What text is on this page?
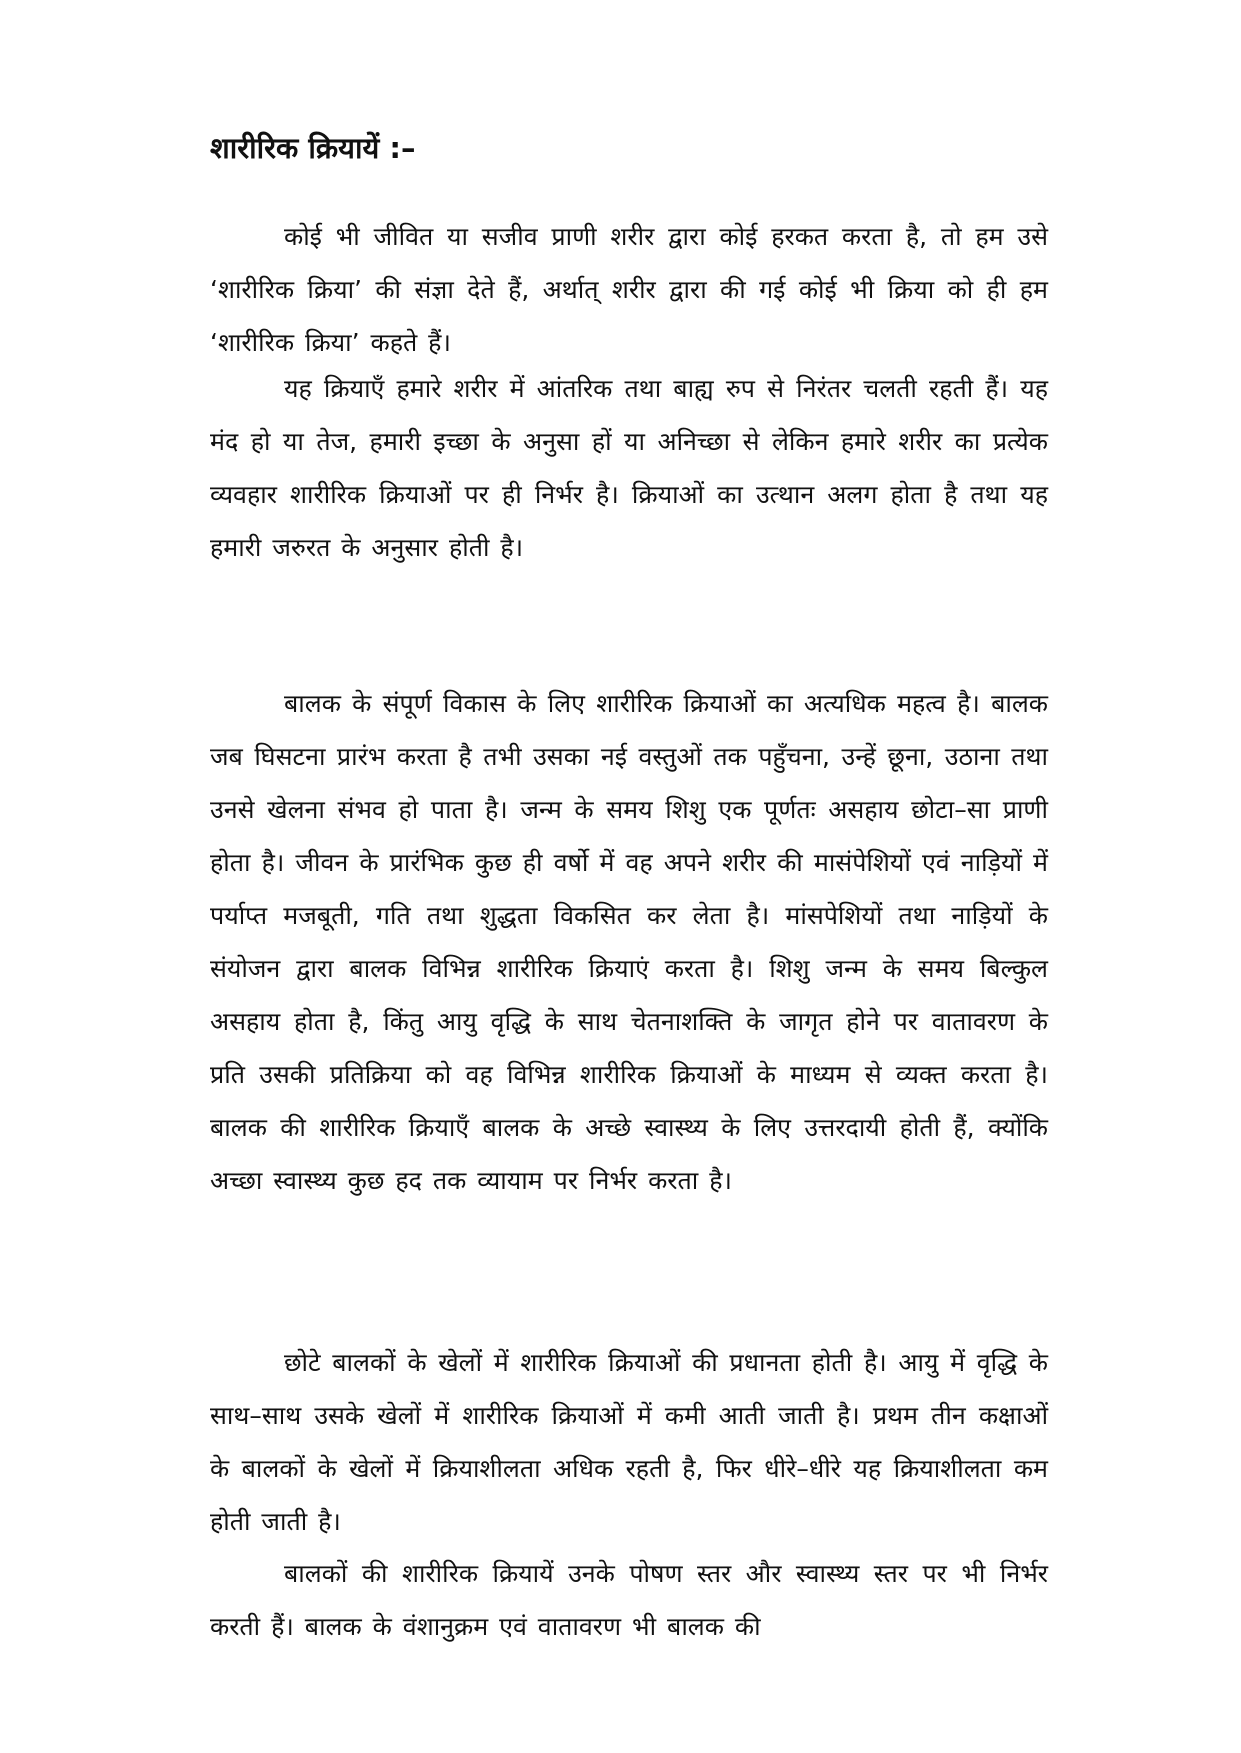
शारीरिक क्रियायें :–

कोई भी जीवित या सजीव प्राणी शरीर द्वारा कोई हरकत करता है, तो हम उसे ‘शारीरिक क्रिया’ की संज्ञा देते हैं, अर्थात् शरीर द्वारा की गई कोई भी क्रिया को ही हम ‘शारीरिक क्रिया’ कहते हैं।

यह क्रियाएँ हमारे शरीर में आंतरिक तथा बाह्य रुप से निरंतर चलती रहती हैं। यह मंद हो या तेज, हमारी इच्छा के अनुसा हों या अनिच्छा से लेकिन हमारे शरीर का प्रत्येक व्यवहार शारीरिक क्रियाओं पर ही निर्भर है। क्रियाओं का उत्थान अलग होता है तथा यह हमारी जरुरत के अनुसार होती है।

बालक के संपूर्ण विकास के लिए शारीरिक क्रियाओं का अत्यधिक महत्व है। बालक जब घिसटना प्रारंभ करता है तभी उसका नई वस्तुओं तक पहुँचना, उन्हें छूना, उठाना तथा उनसे खेलना संभव हो पाता है। जन्म के समय शिशु एक पूर्णतः असहाय छोटा–सा प्राणी होता है। जीवन के प्रारंभिक कुछ ही वर्षो में वह अपने शरीर की मासंपेशियों एवं नाड़ियों में पर्याप्त मजबूती, गति तथा शुद्धता विकसित कर लेता है। मांसपेशियों तथा नाड़ियों के संयोजन द्वारा बालक विभिन्न शारीरिक क्रियाएं करता है। शिशु जन्म के समय बिल्कुल असहाय होता है, किंतु आयु वृद्धि के साथ चेतनाशक्ति के जागृत होने पर वातावरण के प्रति उसकी प्रतिक्रिया को वह विभिन्न शारीरिक क्रियाओं के माध्यम से व्यक्त करता है। बालक की शारीरिक क्रियाएँ बालक के अच्छे स्वास्थ्य के लिए उत्तरदायी होती हैं, क्योंकि अच्छा स्वास्थ्य कुछ हद तक व्यायाम पर निर्भर करता है।

छोटे बालकों के खेलों में शारीरिक क्रियाओं की प्रधानता होती है। आयु में वृद्धि के साथ–साथ उसके खेलों में शारीरिक क्रियाओं में कमी आती जाती है। प्रथम तीन कक्षाओं के बालकों के खेलों में क्रियाशीलता अधिक रहती है, फिर धीरे–धीरे यह क्रियाशीलता कम होती जाती है।

बालकों की शारीरिक क्रियायें उनके पोषण स्तर और स्वास्थ्य स्तर पर भी निर्भर करती हैं। बालक के वंशानुक्रम एवं वातावरण भी बालक की
